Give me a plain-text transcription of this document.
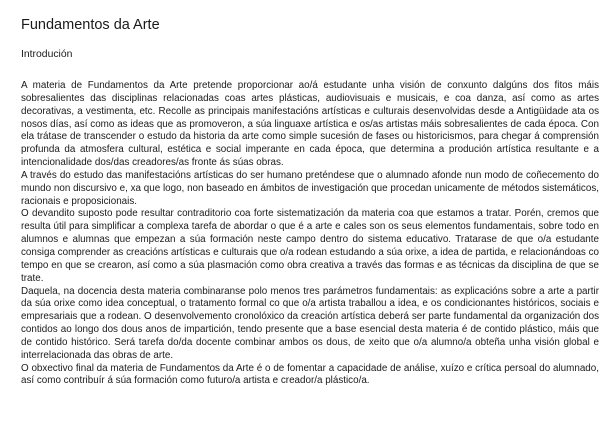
Fundamentos da Arte
Introdución

A materia de Fundamentos da Arte pretende proporcionar ao/á estudante unha visión de conxunto dalgúns dos fitos máis sobresalientes das disciplinas relacionadas coas artes plásticas, audiovisuais e musicais, e coa danza, así como as artes decorativas, a vestimenta, etc. Recolle as principais manifestacións artísticas e culturais desenvolvidas desde a Antigüidade ata os nosos días, así como as ideas que as promoveron, a súa linguaxe artística e os/as artistas máis sobresalientes de cada época. Con ela trátase de transcender o estudo da historia da arte como simple sucesión de fases ou historicismos, para chegar á comprensión profunda da atmosfera cultural, estética e social imperante en cada época, que determina a produción artística resultante e a intencionalidade dos/das creadores/as fronte ás súas obras.

A través do estudo das manifestacións artísticas do ser humano preténdese que o alumnado afonde nun modo de coñecemento do mundo non discursivo e, xa que logo, non baseado en ámbitos de investigación que procedan unicamente de métodos sistemáticos, racionais e proposicionais.

O devandito suposto pode resultar contraditorio coa forte sistematización da materia coa que estamos a tratar. Porén, cremos que resulta útil para simplificar a complexa tarefa de abordar o que é a arte e cales son os seus elementos fundamentais, sobre todo en alumnos e alumnas que empezan a súa formación neste campo dentro do sistema educativo. Tratarase de que o/a estudante consiga comprender as creacións artísticas e culturais que o/a rodean estudando a súa orixe, a idea de partida, e relacionándoas co tempo en que se crearon, así como a súa plasmación como obra creativa a través das formas e as técnicas da disciplina de que se trate.

Daquela, na docencia desta materia combinaranse polo menos tres parámetros fundamentais: as explicacións sobre a arte a partir da súa orixe como idea conceptual, o tratamento formal co que o/a artista traballou a idea, e os condicionantes históricos, sociais e empresariais que a rodean. O desenvolvemento cronolóxico da creación artística deberá ser parte fundamental da organización dos contidos ao longo dos dous anos de impartición, tendo presente que a base esencial desta materia é de contido plástico, máis que de contido histórico. Será tarefa do/da docente combinar ambos os dous, de xeito que o/a alumno/a obteña unha visión global e interrelacionada das obras de arte.

O obxectivo final da materia de Fundamentos da Arte é o de fomentar a capacidade de análise, xuízo e crítica persoal do alumnado, así como contribuír á súa formación como futuro/a artista e creador/a plástico/a.
